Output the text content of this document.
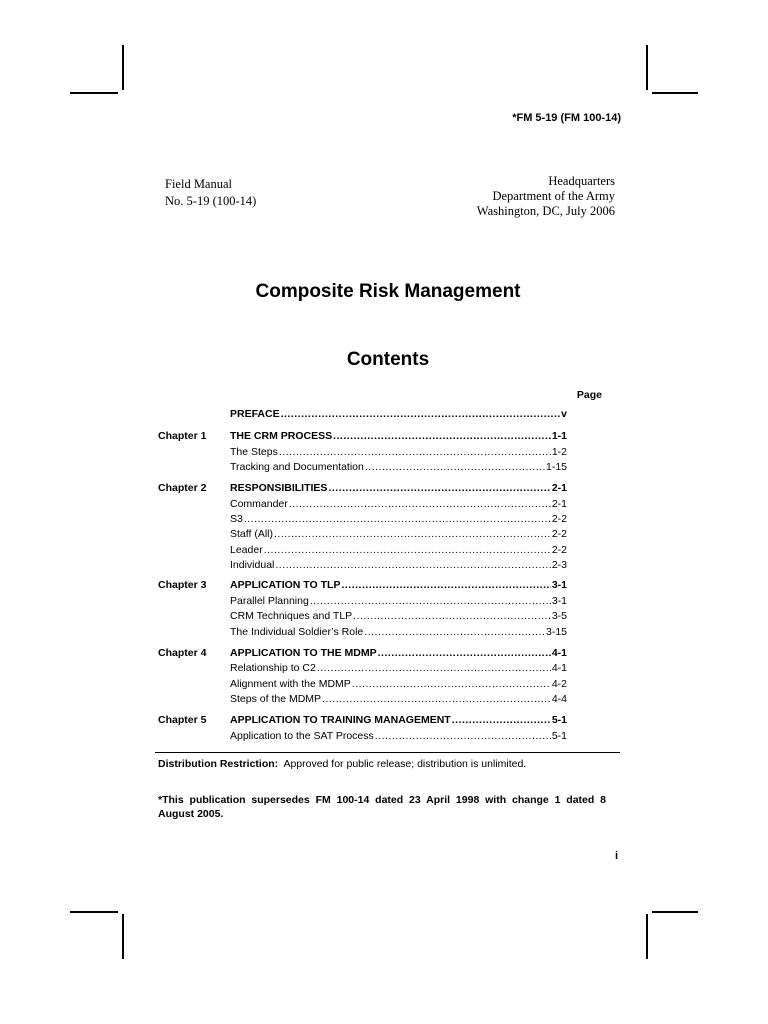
*FM 5-19 (FM 100-14)
Field Manual
No. 5-19 (100-14)
Headquarters
Department of the Army
Washington, DC, July 2006
Composite Risk Management
Contents
Page
PREFACE .....	v
Chapter 1 THE CRM PROCESS .....	1-1
The Steps .....	1-2
Tracking and Documentation .....	1-15
Chapter 2 RESPONSIBILITIES .....	2-1
Commander .....	2-1
S3 .....	2-2
Staff (All) .....	2-2
Leader .....	2-2
Individual .....	2-3
Chapter 3 APPLICATION TO TLP .....	3-1
Parallel Planning .....	3-1
CRM Techniques and TLP .....	3-5
The Individual Soldier’s Role .....	3-15
Chapter 4 APPLICATION TO THE MDMP .....	4-1
Relationship to C2 .....	4-1
Alignment with the MDMP .....	4-2
Steps of the MDMP .....	4-4
Chapter 5 APPLICATION TO TRAINING MANAGEMENT .....	5-1
Application to the SAT Process .....	5-1
Distribution Restriction: Approved for public release; distribution is unlimited.
*This publication supersedes FM 100-14 dated 23 April 1998 with change 1 dated 8 August 2005.
i
